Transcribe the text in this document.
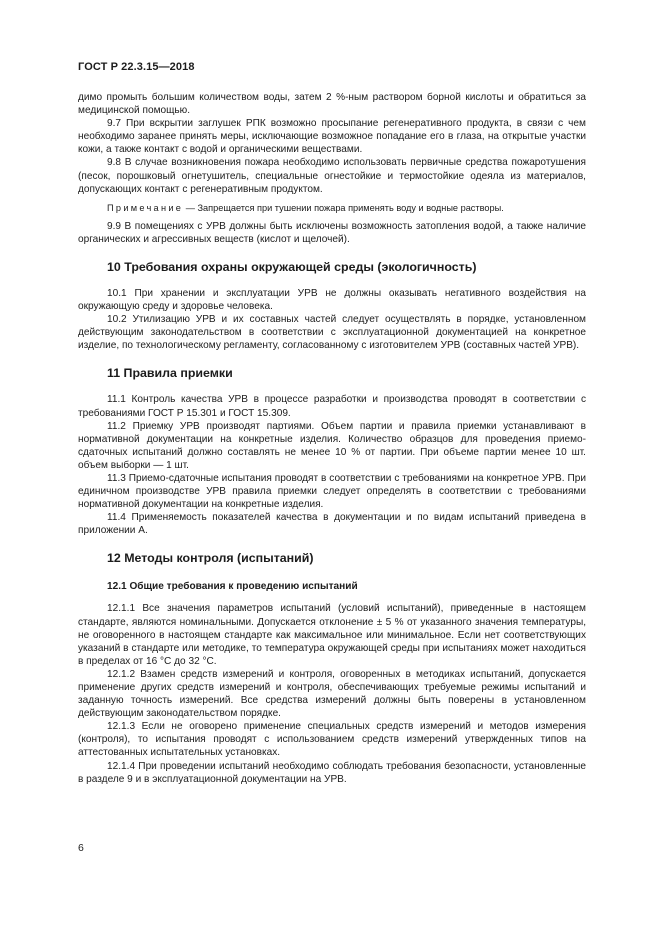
ГОСТ Р 22.3.15—2018

димо промыть большим количеством воды, затем 2 %-ным раствором борной кислоты и обратиться за медицинской помощью.

9.7 При вскрытии заглушек РПК возможно просыпание регенеративного продукта, в связи с чем необходимо заранее принять меры, исключающие возможное попадание его в глаза, на открытые участки кожи, а также контакт с водой и органическими веществами.

9.8 В случае возникновения пожара необходимо использовать первичные средства пожаротушения (песок, порошковый огнетушитель, специальные огнестойкие и термостойкие одеяла из материалов, допускающих контакт с регенеративным продуктом.

Примечание — Запрещается при тушении пожара применять воду и водные растворы.

9.9 В помещениях с УРВ должны быть исключены возможность затопления водой, а также наличие органических и агрессивных веществ (кислот и щелочей).

10 Требования охраны окружающей среды (экологичность)

10.1 При хранении и эксплуатации УРВ не должны оказывать негативного воздействия на окружающую среду и здоровье человека.

10.2 Утилизацию УРВ и их составных частей следует осуществлять в порядке, установленном действующим законодательством в соответствии с эксплуатационной документацией на конкретное изделие, по технологическому регламенту, согласованному с изготовителем УРВ (составных частей УРВ).

11 Правила приемки

11.1 Контроль качества УРВ в процессе разработки и производства проводят в соответствии с требованиями ГОСТ Р 15.301 и ГОСТ 15.309.

11.2 Приемку УРВ производят партиями. Объем партии и правила приемки устанавливают в нормативной документации на конкретные изделия. Количество образцов для проведения приемо-сдаточных испытаний должно составлять не менее 10 % от партии. При объеме партии менее 10 шт. объем выборки — 1 шт.

11.3 Приемо-сдаточные испытания проводят в соответствии с требованиями на конкретное УРВ. При единичном производстве УРВ правила приемки следует определять в соответствии с требованиями нормативной документации на конкретные изделия.

11.4 Применяемость показателей качества в документации и по видам испытаний приведена в приложении А.

12 Методы контроля (испытаний)
12.1 Общие требования к проведению испытаний

12.1.1 Все значения параметров испытаний (условий испытаний), приведенные в настоящем стандарте, являются номинальными. Допускается отклонение ± 5 % от указанного значения температуры, не оговоренного в настоящем стандарте как максимальное или минимальное. Если нет соответствующих указаний в стандарте или методике, то температура окружающей среды при испытаниях может находиться в пределах от 16 °С до 32 °С.

12.1.2 Взамен средств измерений и контроля, оговоренных в методиках испытаний, допускается применение других средств измерений и контроля, обеспечивающих требуемые режимы испытаний и заданную точность измерений. Все средства измерений должны быть поверены в установленном действующим законодательством порядке.

12.1.3 Если не оговорено применение специальных средств измерений и методов измерения (контроля), то испытания проводят с использованием средств измерений утвержденных типов на аттестованных испытательных установках.

12.1.4 При проведении испытаний необходимо соблюдать требования безопасности, установленные в разделе 9 и в эксплуатационной документации на УРВ.

6
